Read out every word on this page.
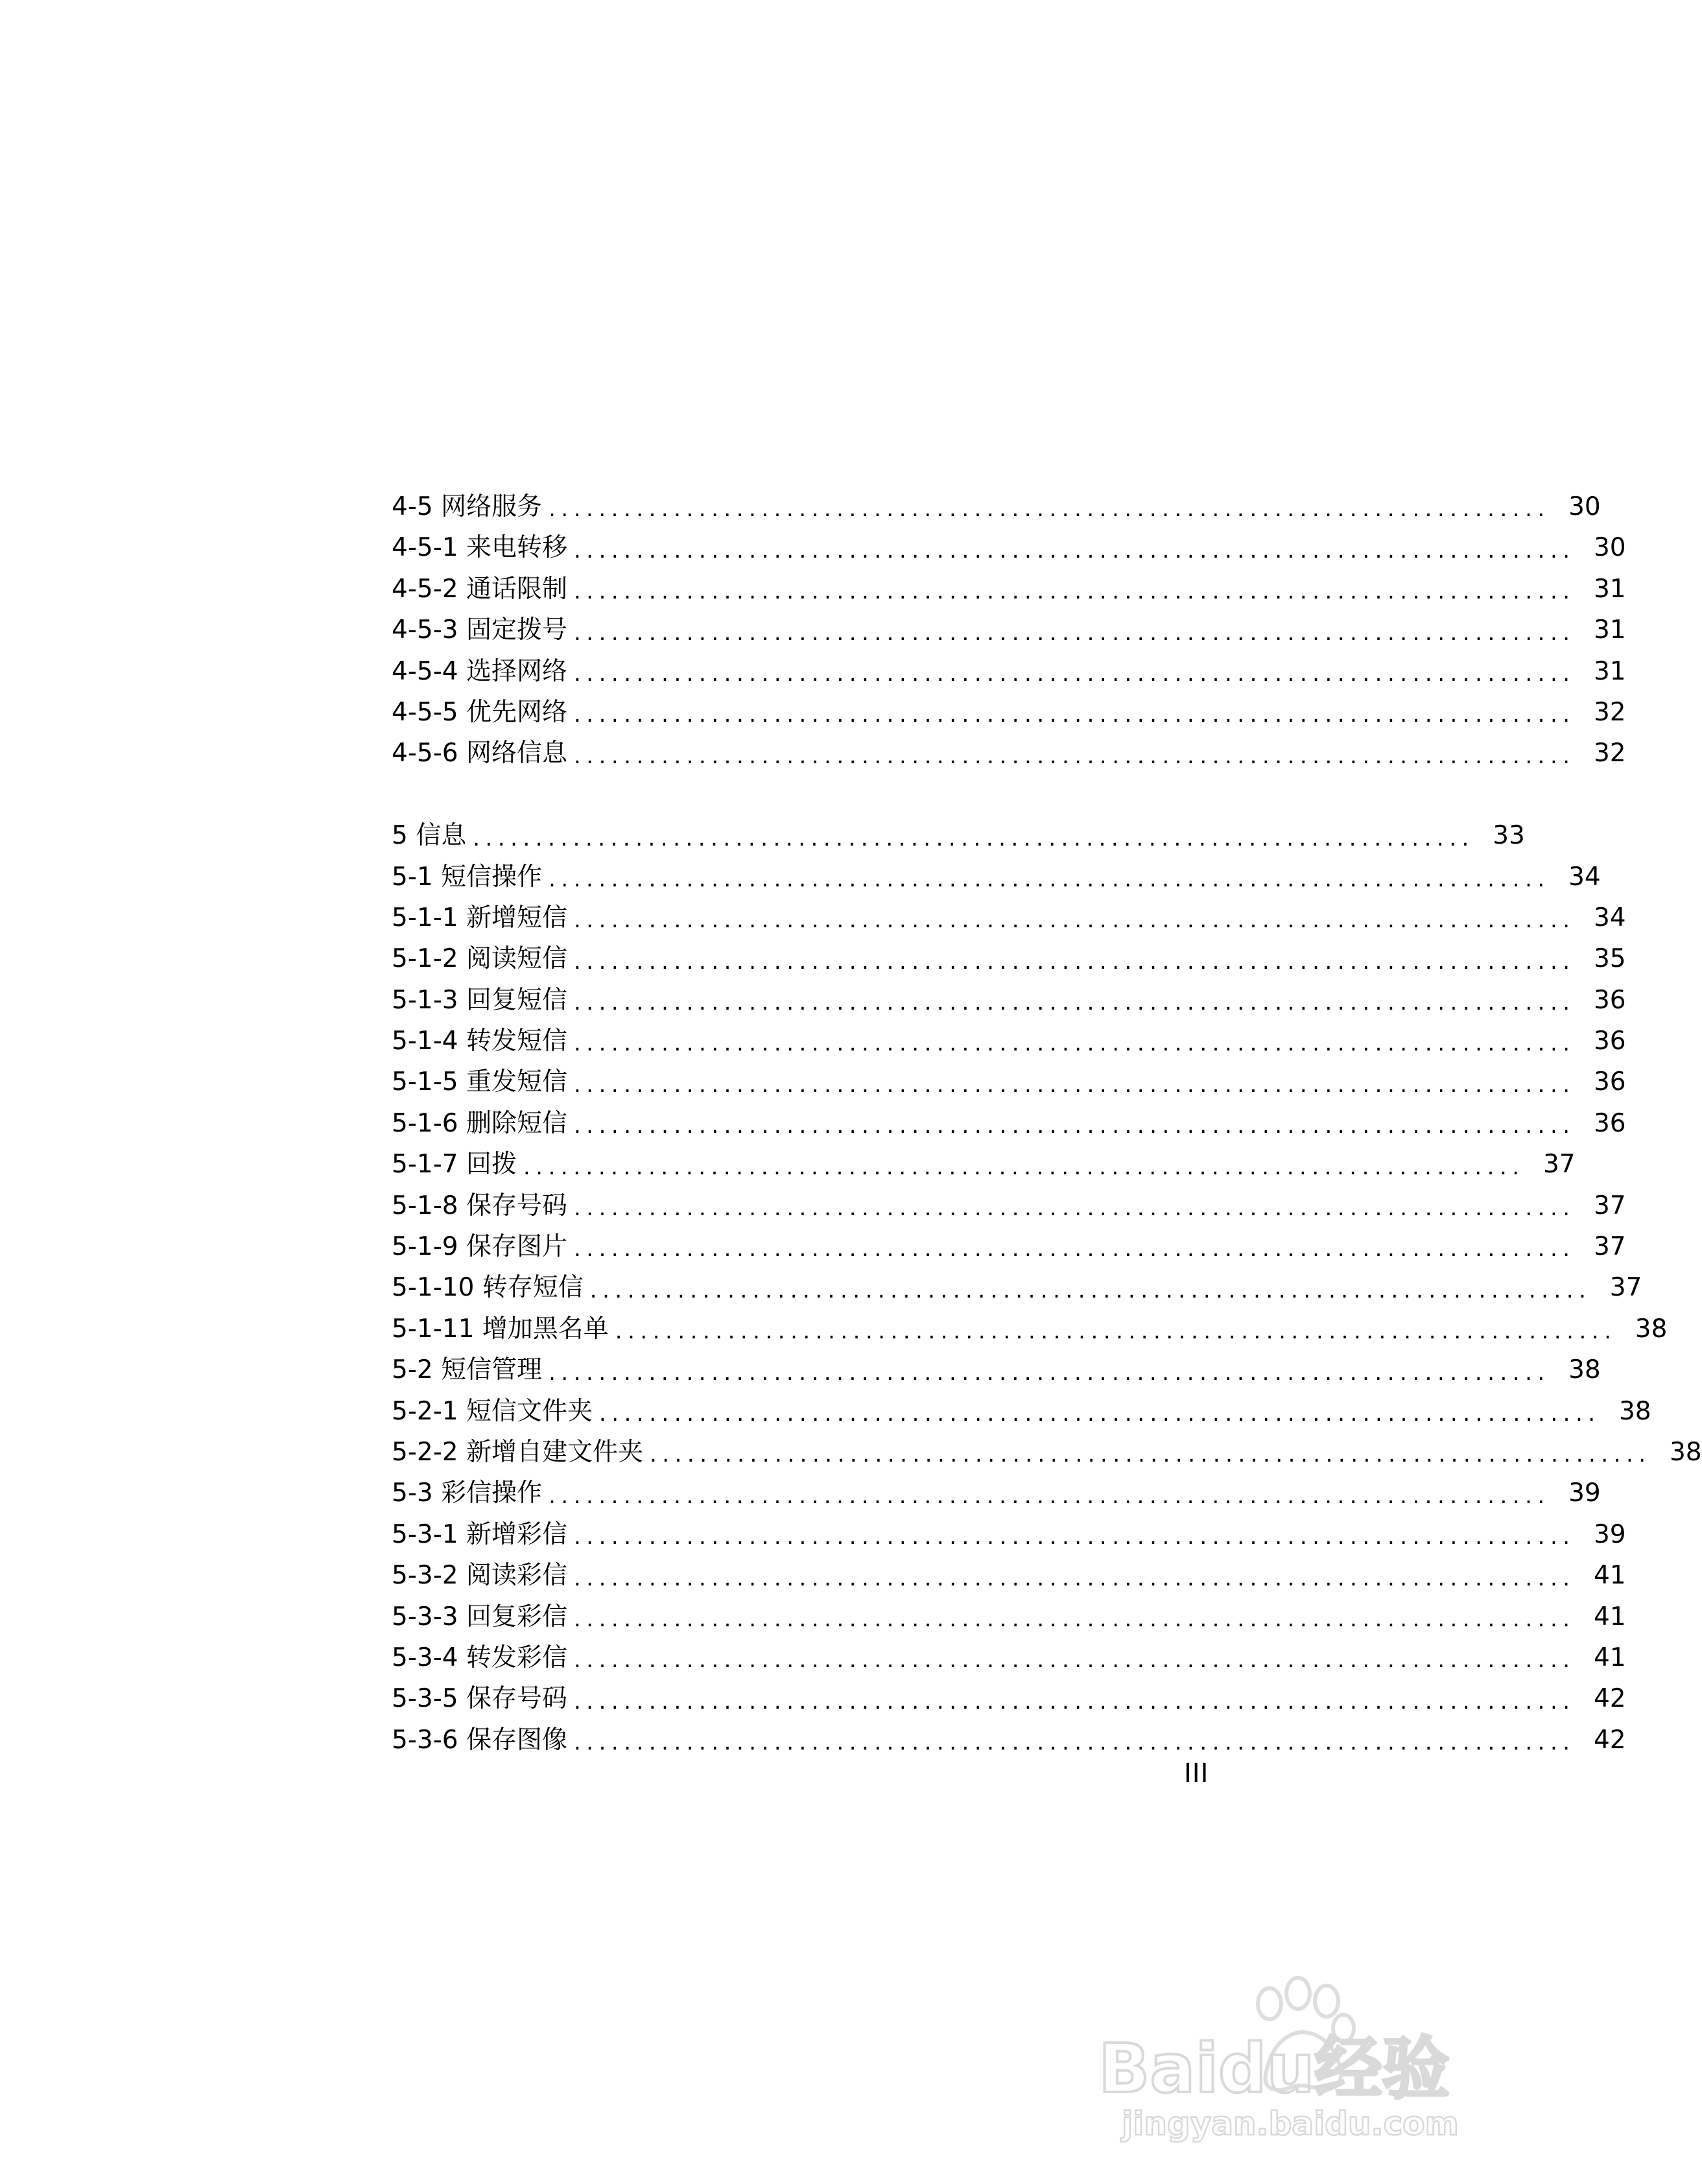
4-5 网络服务 ................................................................................ 30
4-5-1 来电转移 ................................................................................ 30
4-5-2 通话限制 ................................................................................ 31
4-5-3 固定拨号 ................................................................................ 31
4-5-4 选择网络 ................................................................................ 31
4-5-5 优先网络 ................................................................................ 32
4-5-6 网络信息 ................................................................................ 32
5 信息 ................................................................................ 33
5-1 短信操作 ................................................................................ 34
5-1-1 新增短信 ................................................................................ 34
5-1-2 阅读短信 ................................................................................ 35
5-1-3 回复短信 ................................................................................ 36
5-1-4 转发短信 ................................................................................ 36
5-1-5 重发短信 ................................................................................ 36
5-1-6 删除短信 ................................................................................ 36
5-1-7 回拨 ................................................................................ 37
5-1-8 保存号码 ................................................................................ 37
5-1-9 保存图片 ................................................................................ 37
5-1-10 转存短信 ................................................................................ 37
5-1-11 增加黑名单 ................................................................................ 38
5-2 短信管理 ................................................................................ 38
5-2-1 短信文件夹 ................................................................................ 38
5-2-2 新增自建文件夹 ................................................................................ 38
5-3 彩信操作 ................................................................................ 39
5-3-1 新增彩信 ................................................................................ 39
5-3-2 阅读彩信 ................................................................................ 41
5-3-3 回复彩信 ................................................................................ 41
5-3-4 转发彩信 ................................................................................ 41
5-3-5 保存号码 ................................................................................ 42
5-3-6 保存图像 ................................................................................ 42
III
Baidu经验
jingyan.baidu.com
